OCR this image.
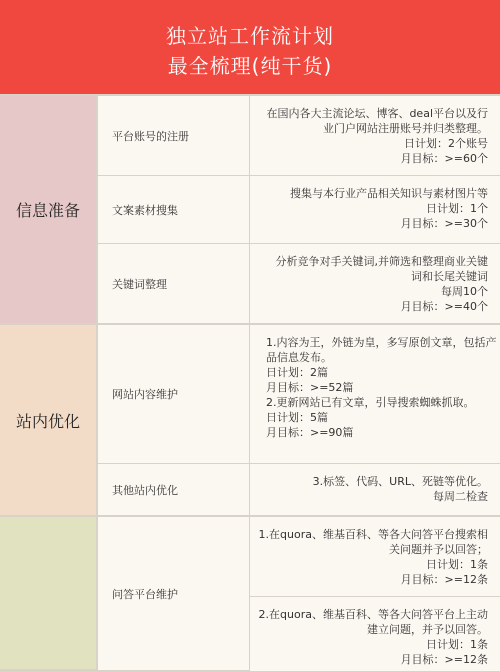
独立站工作流计划
最全梳理(纯干货)
信息准备
站内优化
平台账号的注册
在国内各大主流论坛、博客、deal平台以及行
业门户网站注册账号并归类整理。
日计划：2个账号
月目标：>=60个
文案素材搜集
搜集与本行业产品相关知识与素材图片等
日计划：1个
月目标：>=30个
关键词整理
分析竞争对手关键词,并筛选和整理商业关键
词和长尾关键词
每周10个
月目标：>=40个
网站内容维护
1.内容为王，外链为皇，多写原创文章，包括产
品信息发布。
日计划：2篇
月目标：>=52篇
2.更新网站已有文章，引导搜索蜘蛛抓取。
日计划：5篇
月目标：>=90篇
其他站内优化
3.标签、代码、URL、死链等优化。
每周二检查
问答平台维护
1.在quora、维基百科、等各大问答平台搜索相
关问题并予以回答；
日计划：1条
月目标：>=12条
2.在quora、维基百科、等各大问答平台上主动
建立问题，并予以回答。
日计划：1条
月目标：>=12条
